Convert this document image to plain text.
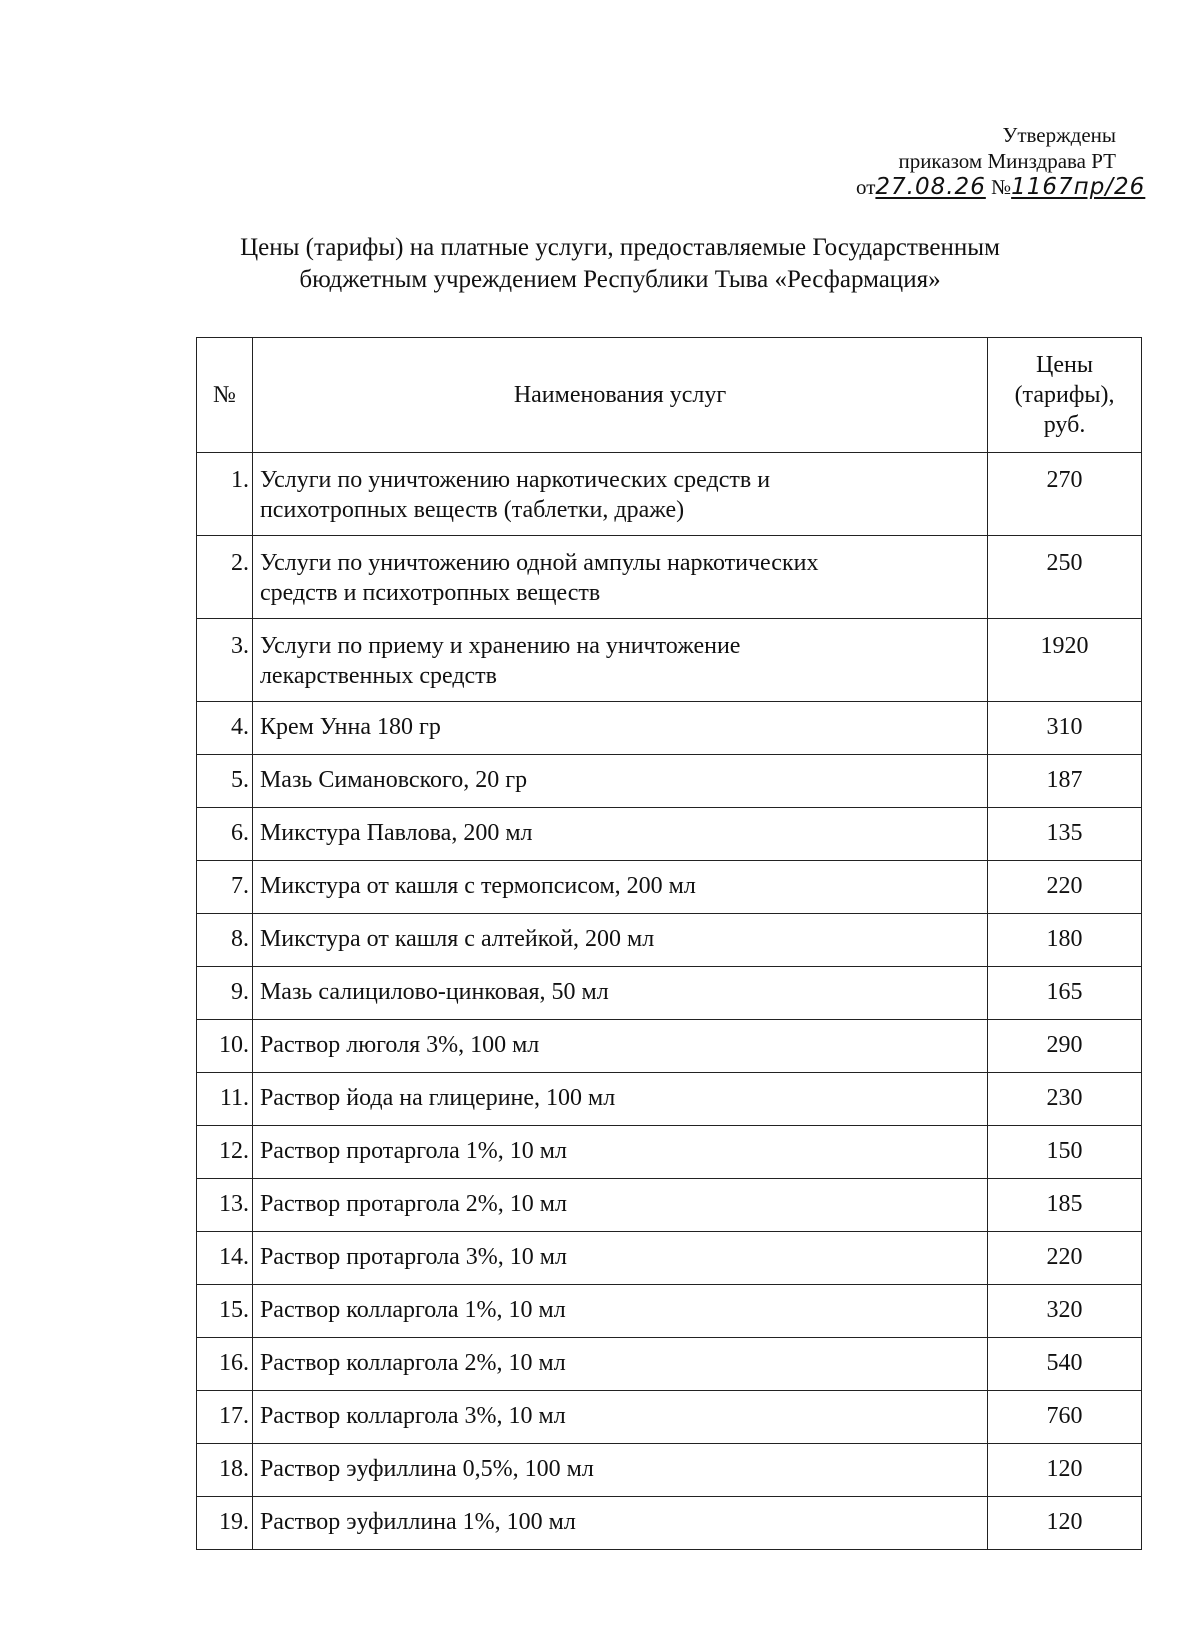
Утверждены
приказом Минздрава РТ
от27.08.26 №1167пр/26
Цены (тарифы) на платные услуги, предоставляемые Государственным
бюджетным учреждением Республики Тыва «Ресфармация»
№	Наименования услуг	Цены
(тарифы),
руб.

1.	Услуги по уничтожению наркотических средств и
психотропных веществ (таблетки, драже)	270
2.	Услуги по уничтожению одной ампулы наркотических
средств и психотропных веществ	250
3.	Услуги по приему и хранению на уничтожение
лекарственных средств	1920
4.	Крем Унна 180 гр	310
5.	Мазь Симановского, 20 гр	187
6.	Микстура Павлова, 200 мл	135
7.	Микстура от кашля с термопсисом, 200 мл	220
8.	Микстура от кашля с алтейкой, 200 мл	180
9.	Мазь салицилово-цинковая, 50 мл	165
10.	Раствор люголя 3%, 100 мл	290
11.	Раствор йода на глицерине, 100 мл	230
12.	Раствор протаргола 1%, 10 мл	150
13.	Раствор протаргола 2%, 10 мл	185
14.	Раствор протаргола 3%, 10 мл	220
15.	Раствор колларгола 1%, 10 мл	320
16.	Раствор колларгола 2%, 10 мл	540
17.	Раствор колларгола 3%, 10 мл	760
18.	Раствор эуфиллина 0,5%, 100 мл	120
19.	Раствор эуфиллина 1%, 100 мл	120
